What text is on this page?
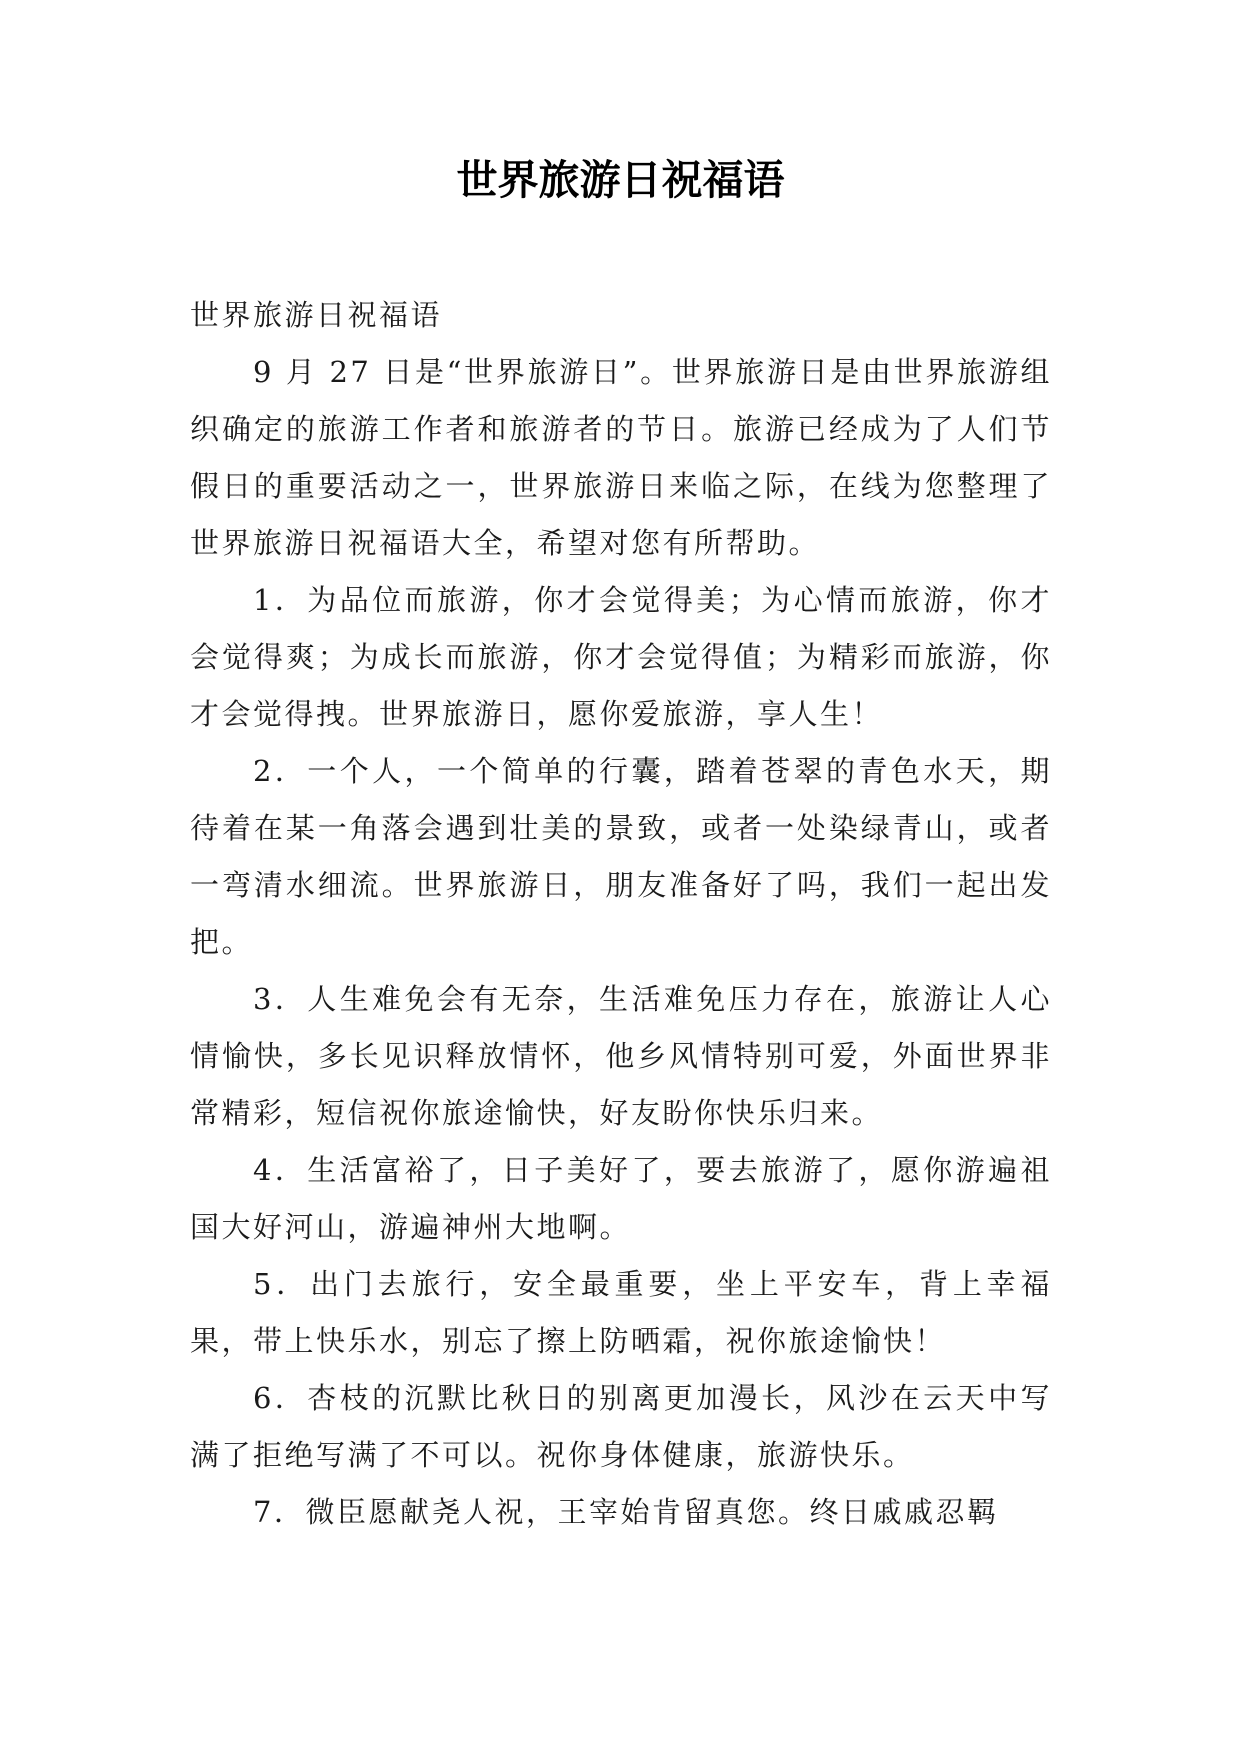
世界旅游日祝福语

世界旅游日祝福语

9 月 27 日是“世界旅游日”。世界旅游日是由世界旅游组织确定的旅游工作者和旅游者的节日。旅游已经成为了人们节假日的重要活动之一，世界旅游日来临之际，在线为您整理了世界旅游日祝福语大全，希望对您有所帮助。

1．为品位而旅游，你才会觉得美；为心情而旅游，你才会觉得爽；为成长而旅游，你才会觉得值；为精彩而旅游，你才会觉得拽。世界旅游日，愿你爱旅游，享人生！

2．一个人，一个简单的行囊，踏着苍翠的青色水天，期待着在某一角落会遇到壮美的景致，或者一处染绿青山，或者一弯清水细流。世界旅游日，朋友准备好了吗，我们一起出发把。

3．人生难免会有无奈，生活难免压力存在，旅游让人心情愉快，多长见识释放情怀，他乡风情特别可爱，外面世界非常精彩，短信祝你旅途愉快，好友盼你快乐归来。

4．生活富裕了，日子美好了，要去旅游了，愿你游遍祖国大好河山，游遍神州大地啊。

5．出门去旅行，安全最重要，坐上平安车，背上幸福果，带上快乐水，别忘了擦上防晒霜，祝你旅途愉快！

6．杏枝的沉默比秋日的别离更加漫长，风沙在云天中写满了拒绝写满了不可以。祝你身体健康，旅游快乐。

7．微臣愿献尧人祝，王宰始肯留真您。终日戚戚忍羁
